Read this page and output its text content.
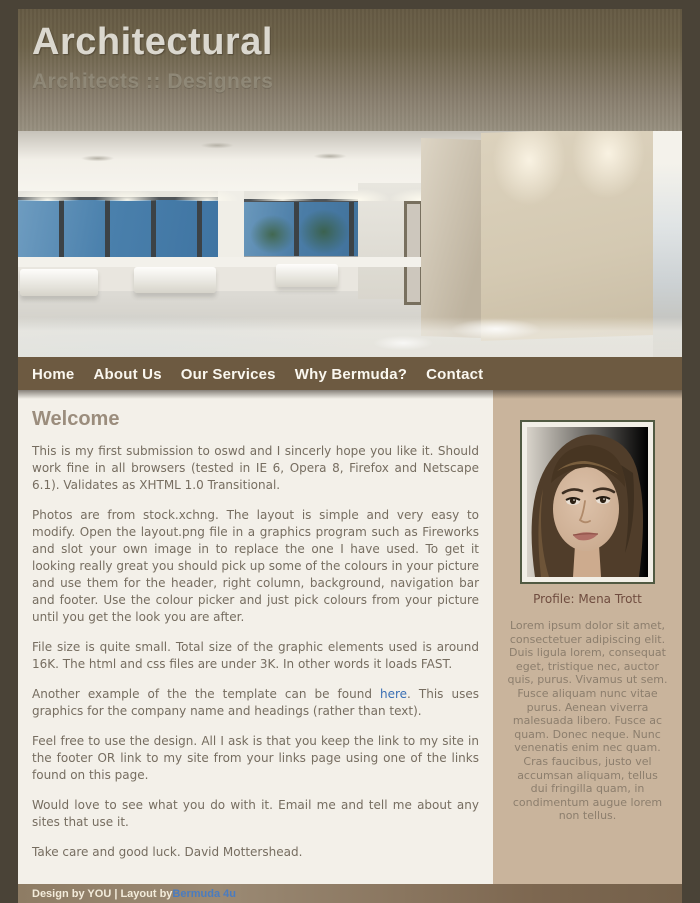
Architectural
Architects :: Designers
Home About Us Our Services Why Bermuda? Contact
Welcome

This is my first submission to oswd and I sincerly hope you like it. Should work fine in all browsers (tested in IE 6, Opera 8, Firefox and Netscape 6.1). Validates as XHTML 1.0 Transitional.

Photos are from stock.xchng. The layout is simple and very easy to modify. Open the layout.png file in a graphics program such as Fireworks and slot your own image in to replace the one I have used. To get it looking really great you should pick up some of the colours in your picture and use them for the header, right column, background, navigation bar and footer. Use the colour picker and just pick colours from your picture until you get the look you are after.

File size is quite small. Total size of the graphic elements used is around 16K. The html and css files are under 3K. In other words it loads FAST.

Another example of the the template can be found here. This uses graphics for the company name and headings (rather than text).

Feel free to use the design. All I ask is that you keep the link to my site in the footer OR link to my site from your links page using one of the links found on this page.

Would love to see what you do with it. Email me and tell me about any sites that use it.

Take care and good luck. David Mottershead.

Profile: Mena Trott
Lorem ipsum dolor sit amet, consectetuer adipiscing elit. Duis ligula lorem, consequat eget, tristique nec, auctor quis, purus. Vivamus ut sem. Fusce aliquam nunc vitae purus. Aenean viverra malesuada libero. Fusce ac quam. Donec neque. Nunc venenatis enim nec quam. Cras faucibus, justo vel accumsan aliquam, tellus dui fringilla quam, in condimentum augue lorem non tellus.
Design by YOU | Layout by Bermuda 4u
